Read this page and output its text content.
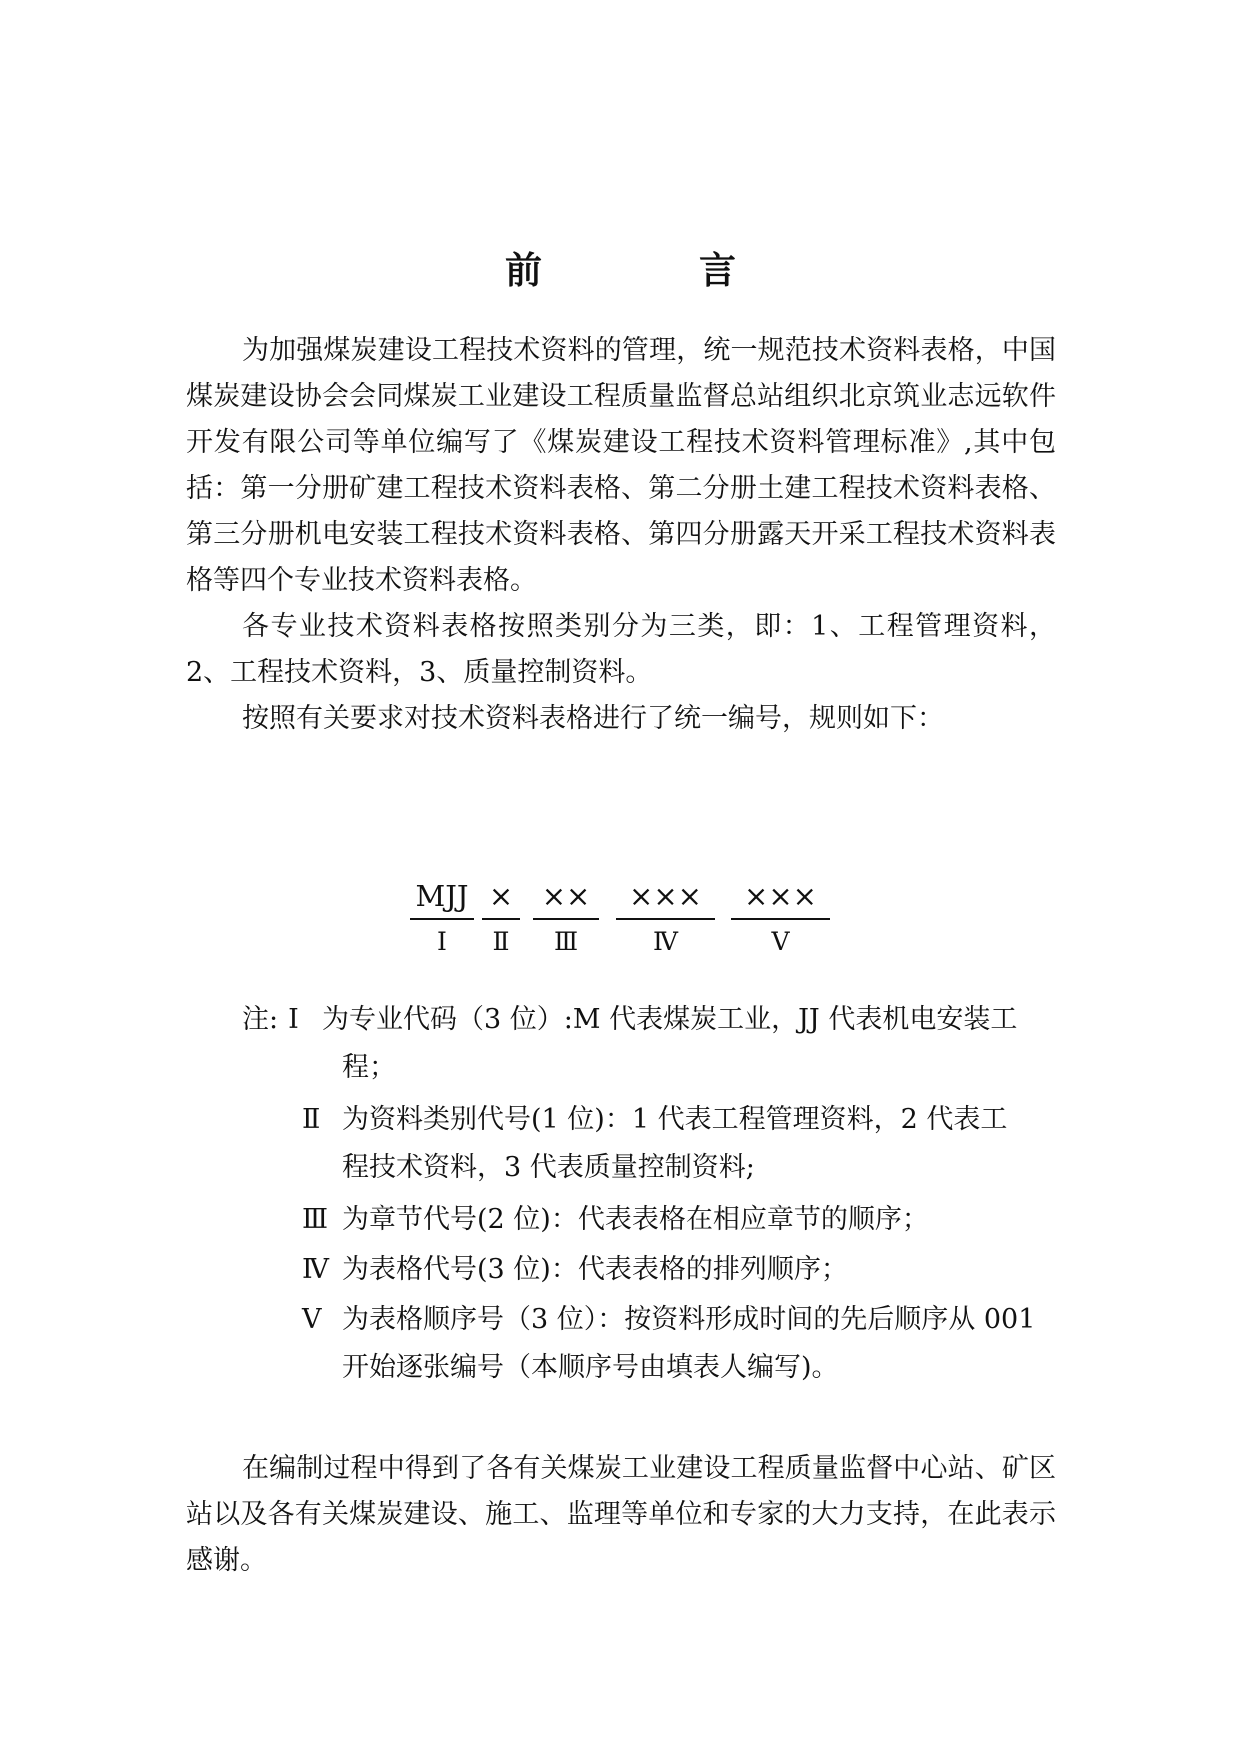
前　言

为加强煤炭建设工程技术资料的管理，统一规范技术资料表格，中国煤炭建设协会会同煤炭工业建设工程质量监督总站组织北京筑业志远软件开发有限公司等单位编写了《煤炭建设工程技术资料管理标准》,其中包括：第一分册矿建工程技术资料表格、第二分册土建工程技术资料表格、第三分册机电安装工程技术资料表格、第四分册露天开采工程技术资料表格等四个专业技术资料表格。

各专业技术资料表格按照类别分为三类，即：1、工程管理资料，2、工程技术资料，3、质量控制资料。

按照有关要求对技术资料表格进行了统一编号，规则如下：

MJJ
Ⅰ
×
Ⅱ
××
Ⅲ
×××
Ⅳ
×××
Ⅴ
注: Ⅰ 为专业代码（3 位）:M 代表煤炭工业，JJ 代表机电安装工
程；
Ⅱ 为资料类别代号(1 位)：1 代表工程管理资料，2 代表工
程技术资料，3 代表质量控制资料;
Ⅲ 为章节代号(2 位)：代表表格在相应章节的顺序；
Ⅳ 为表格代号(3 位)：代表表格的排列顺序；
Ⅴ 为表格顺序号（3 位）：按资料形成时间的先后顺序从 001
开始逐张编号（本顺序号由填表人编写)。

在编制过程中得到了各有关煤炭工业建设工程质量监督中心站、矿区站以及各有关煤炭建设、施工、监理等单位和专家的大力支持，在此表示感谢。
